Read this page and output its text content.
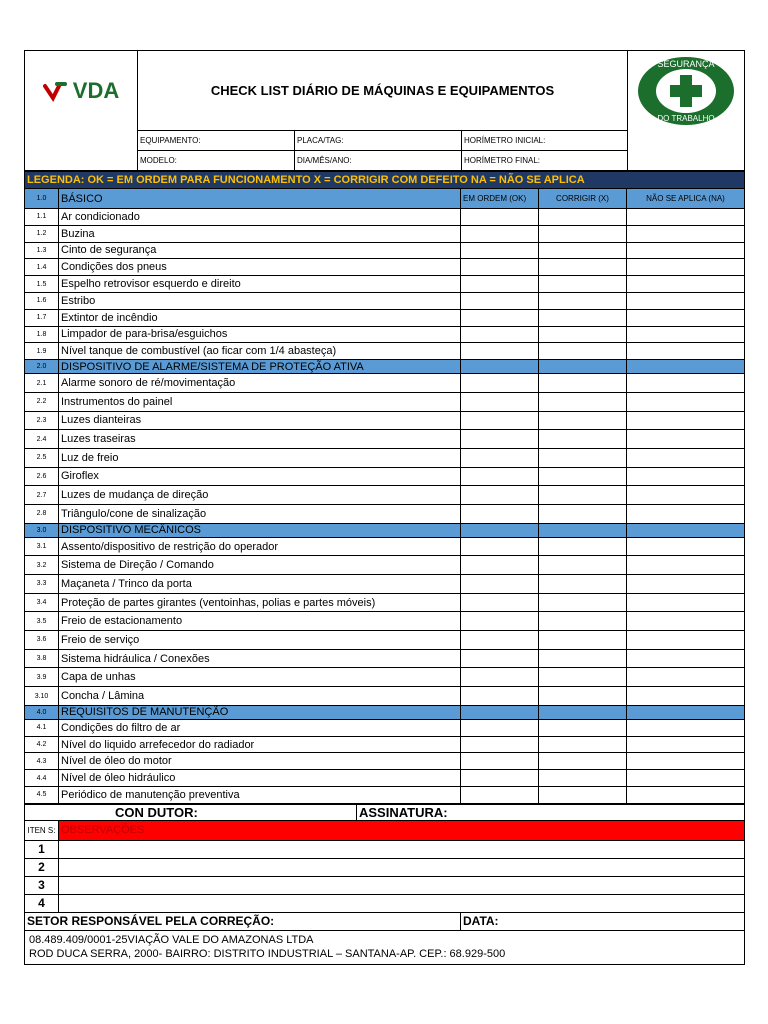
VDA	CHECK LIST DIÁRIO DE MÁQUINAS E EQUIPAMENTOS			SEGURANÇA
DO TRABALHO

	EQUIPAMENTO:	PLACA/TAG:	HORÍMETRO INICIAL:	
	MODELO:	DIA/MÊS/ANO:	HORÍMETRO FINAL:	
LEGENDA: OK = EM ORDEM PARA FUNCIONAMENTO X = CORRIGIR COM DEFEITO NA = NÃO SE APLICA				
1.0	BÁSICO	EM ORDEM (OK)	CORRIGIR (X)	NÃO SE APLICA (NA)
1.1	Ar condicionado			
1.2	Buzina			
1.3	Cinto de segurança			
1.4	Condições dos pneus			
1.5	Espelho retrovisor esquerdo e direito			
1.6	Estribo			
1.7	Extintor de incêndio			
1.8	Limpador de para-brisa/esguichos			
1.9	Nível tanque de combustível (ao ficar com 1/4 abasteça)			
2.0	DISPOSITIVO DE ALARME/SISTEMA DE PROTEÇÃO ATIVA			
2.1	Alarme sonoro de ré/movimentação			
2.2	Instrumentos do painel			
2.3	Luzes dianteiras			
2.4	Luzes traseiras			
2.5	Luz de freio			
2.6	Giroflex			
2.7	Luzes de mudança de direção			
2.8	Triângulo/cone de sinalização			
3.0	DISPOSITIVO MECÂNICOS			
3.1	Assento/dispositivo de restrição do operador			
3.2	Sistema de Direção / Comando			
3.3	Maçaneta / Trinco da porta			
3.4	Proteção de partes girantes (ventoinhas, polias e partes móveis)			
3.5	Freio de estacionamento			
3.6	Freio de serviço			
3.8	Sistema hidráulica / Conexões			
3.9	Capa de unhas			
3.10	Concha / Lâmina			
4.0	REQUISITOS DE MANUTENÇÃO			
4.1	Condições do filtro de ar			
4.2	Nível do liquido arrefecedor do radiador			
4.3	Nível de óleo do motor			
4.4	Nível de óleo hidráulico			
4.5	Periódico de manutenção preventiva			
CON DUTOR:		ASSINATURA:	
ITEN S:	OBSERVAÇÕES		
1			
2			
3			
4			
SETOR RESPONSÁVEL PELA CORREÇÃO:			DATA:

08.489.409/0001-25VIAÇÃO VALE DO AMAZONAS LTDA
ROD DUCA SERRA, 2000- BAIRRO: DISTRITO INDUSTRIAL – SANTANA-AP. CEP.: 68.929-500			
